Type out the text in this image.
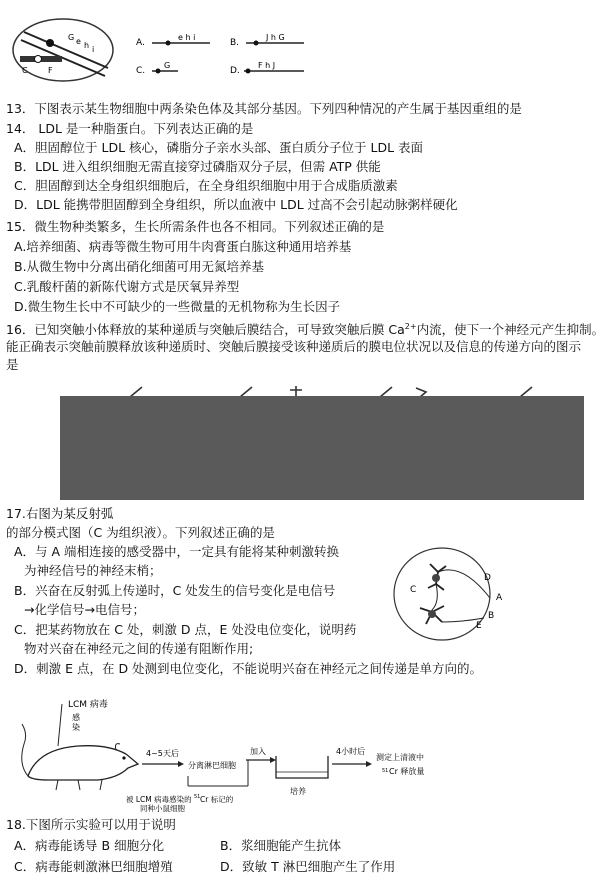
G e h i
C	F
A.
e h i
B.
J h G
C.
G
D.
F h J
13．下图表示某生物细胞中两条染色体及其部分基因。下列四种情况的产生属于基因重组的是
14． LDL 是一种脂蛋白。下列表达正确的是
A．胆固醇位于 LDL 核心，磷脂分子亲水头部、蛋白质分子位于 LDL 表面
B．LDL 进入组织细胞无需直接穿过磷脂双分子层，但需 ATP 供能
C．胆固醇到达全身组织细胞后，在全身组织细胞中用于合成脂质激素
D．LDL 能携带胆固醇到全身组织，所以血液中 LDL 过高不会引起动脉粥样硬化
15．微生物种类繁多，生长所需条件也各不相同。下列叙述正确的是
A.培养细菌、病毒等微生物可用牛肉膏蛋白胨这种通用培养基
B.从微生物中分离出硝化细菌可用无氮培养基
C.乳酸杆菌的新陈代谢方式是厌氧异养型
D.微生物生长中不可缺少的一些微量的无机物称为生长因子
16．已知突触小体释放的某种递质与突触后膜结合，可导致突触后膜 $Ca^{2+}$内流，使下一个神经元产生抑制。
能正确表示突触前膜释放该种递质时、突触后膜接受该种递质后的膜电位状况以及信息的传递方向的图示
是
17.右图为某反射弧
的部分模式图（C 为组织液）。下列叙述正确的是
A．与 A 端相连接的感受器中，一定具有能将某种刺激转换
为神经信号的神经末梢；
B．兴奋在反射弧上传递时，C 处发生的信号变化是电信号
→化学信号→电信号；
C．把某药物放在 C 处，刺激 D 点，E 处没电位变化，说明药
物对兴奋在神经元之间的传递有阻断作用;
D．刺激 E 点，在 D 处测到电位变化，不能说明兴奋在神经元之间传递是单方向的。
C
D
A
B
E
LCM 病毒
感
染
感染
4~5天后
分离淋巴细胞
加入
培养
4小时后
测定上清液中
51 Cr 释放量
被 LCM 病毒感染的 51 Cr 标记的
同种小鼠细胞
18.下图所示实验可以用于说明
A．病毒能诱导 B 细胞分化	B．浆细胞能产生抗体
C．病毒能刺激淋巴细胞增殖	D．致敏 T 淋巴细胞产生了作用
